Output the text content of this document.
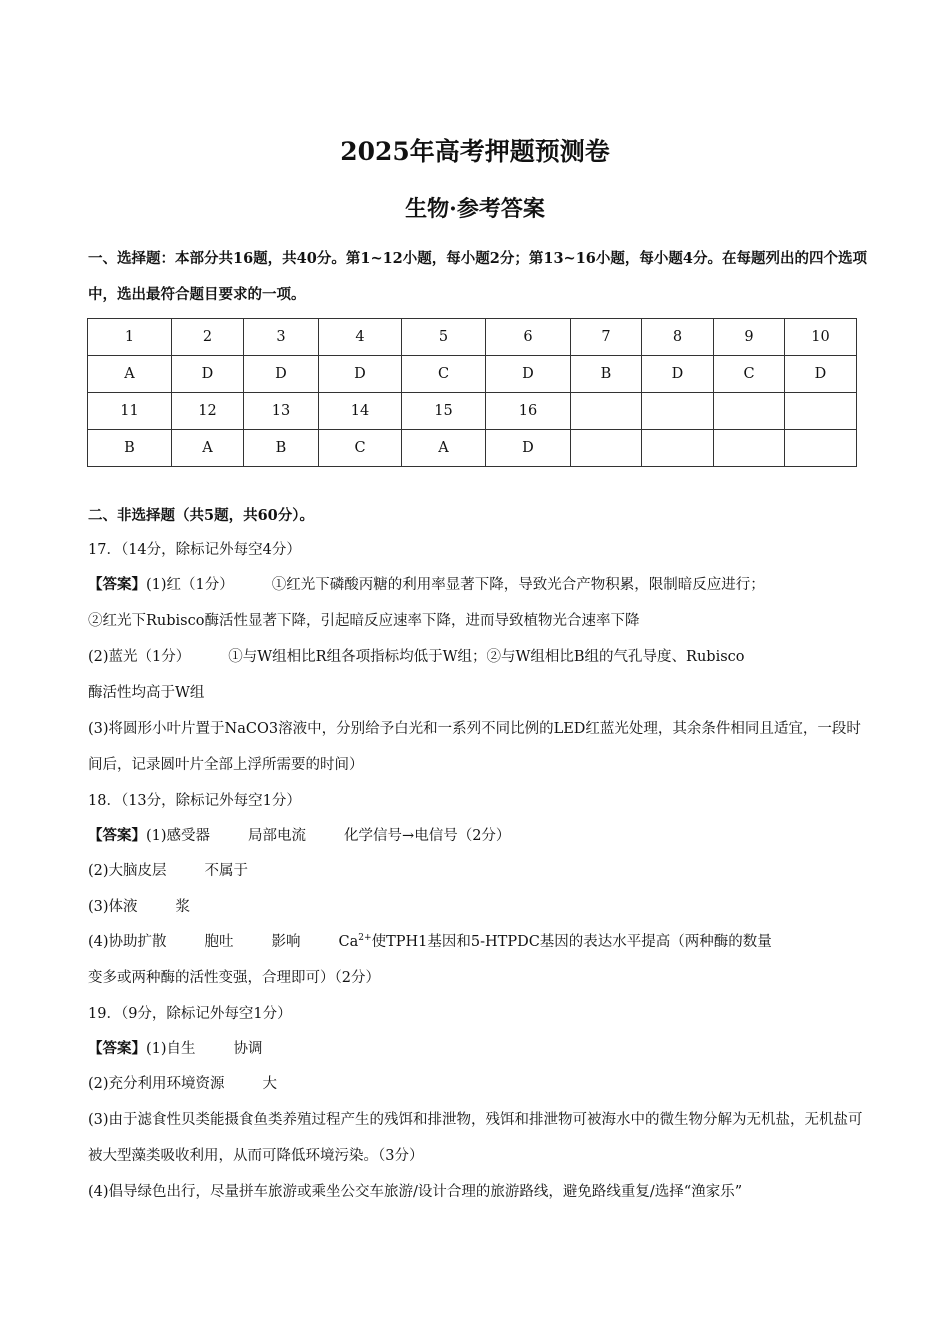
2025年高考押题预测卷
生物·参考答案
一、选择题：本部分共16题，共40分。第1~12小题，每小题2分；第13~16小题，每小题4分。在每题列出的四个选项中，选出最符合题目要求的一项。
1	2	3	4	5	6	7	8	9	10
A	D	D	D	C	D	B	D	C	D
11	12	13	14	15	16				
B	A	B	C	A	D				
二、非选择题（共5题，共60分）。
17．（14分，除标记外每空4分）
【答案】(1)红（1分）	①红光下磷酸丙糖的利用率显著下降，导致光合产物积累，限制暗反应进行；
②红光下Rubisco酶活性显著下降，引起暗反应速率下降，进而导致植物光合速率下降
(2)蓝光（1分）	①与W组相比R组各项指标均低于W组；②与W组相比B组的气孔导度、Rubisco
酶活性均高于W组
(3)将圆形小叶片置于NaCO3溶液中，分别给予白光和一系列不同比例的LED红蓝光处理，其余条件相同且适宜，一段时间后，记录圆叶片全部上浮所需要的时间）
18．（13分，除标记外每空1分）
【答案】(1)感受器	局部电流	化学信号→电信号（2分）
(2)大脑皮层	不属于
(3)体液	浆
(4)协助扩散	胞吐	影响	$Ca^{2+}$使TPH1基因和5-HTPDC基因的表达水平提高（两种酶的数量
变多或两种酶的活性变强，合理即可）（2分）
19．（9分，除标记外每空1分）
【答案】(1)自生	协调
(2)充分利用环境资源	大
(3)由于滤食性贝类能摄食鱼类养殖过程产生的残饵和排泄物，残饵和排泄物可被海水中的微生物分解为无机盐，无机盐可被大型藻类吸收利用，从而可降低环境污染。（3分）
(4)倡导绿色出行，尽量拼车旅游或乘坐公交车旅游/设计合理的旅游路线，避免路线重复/选择“渔家乐”
